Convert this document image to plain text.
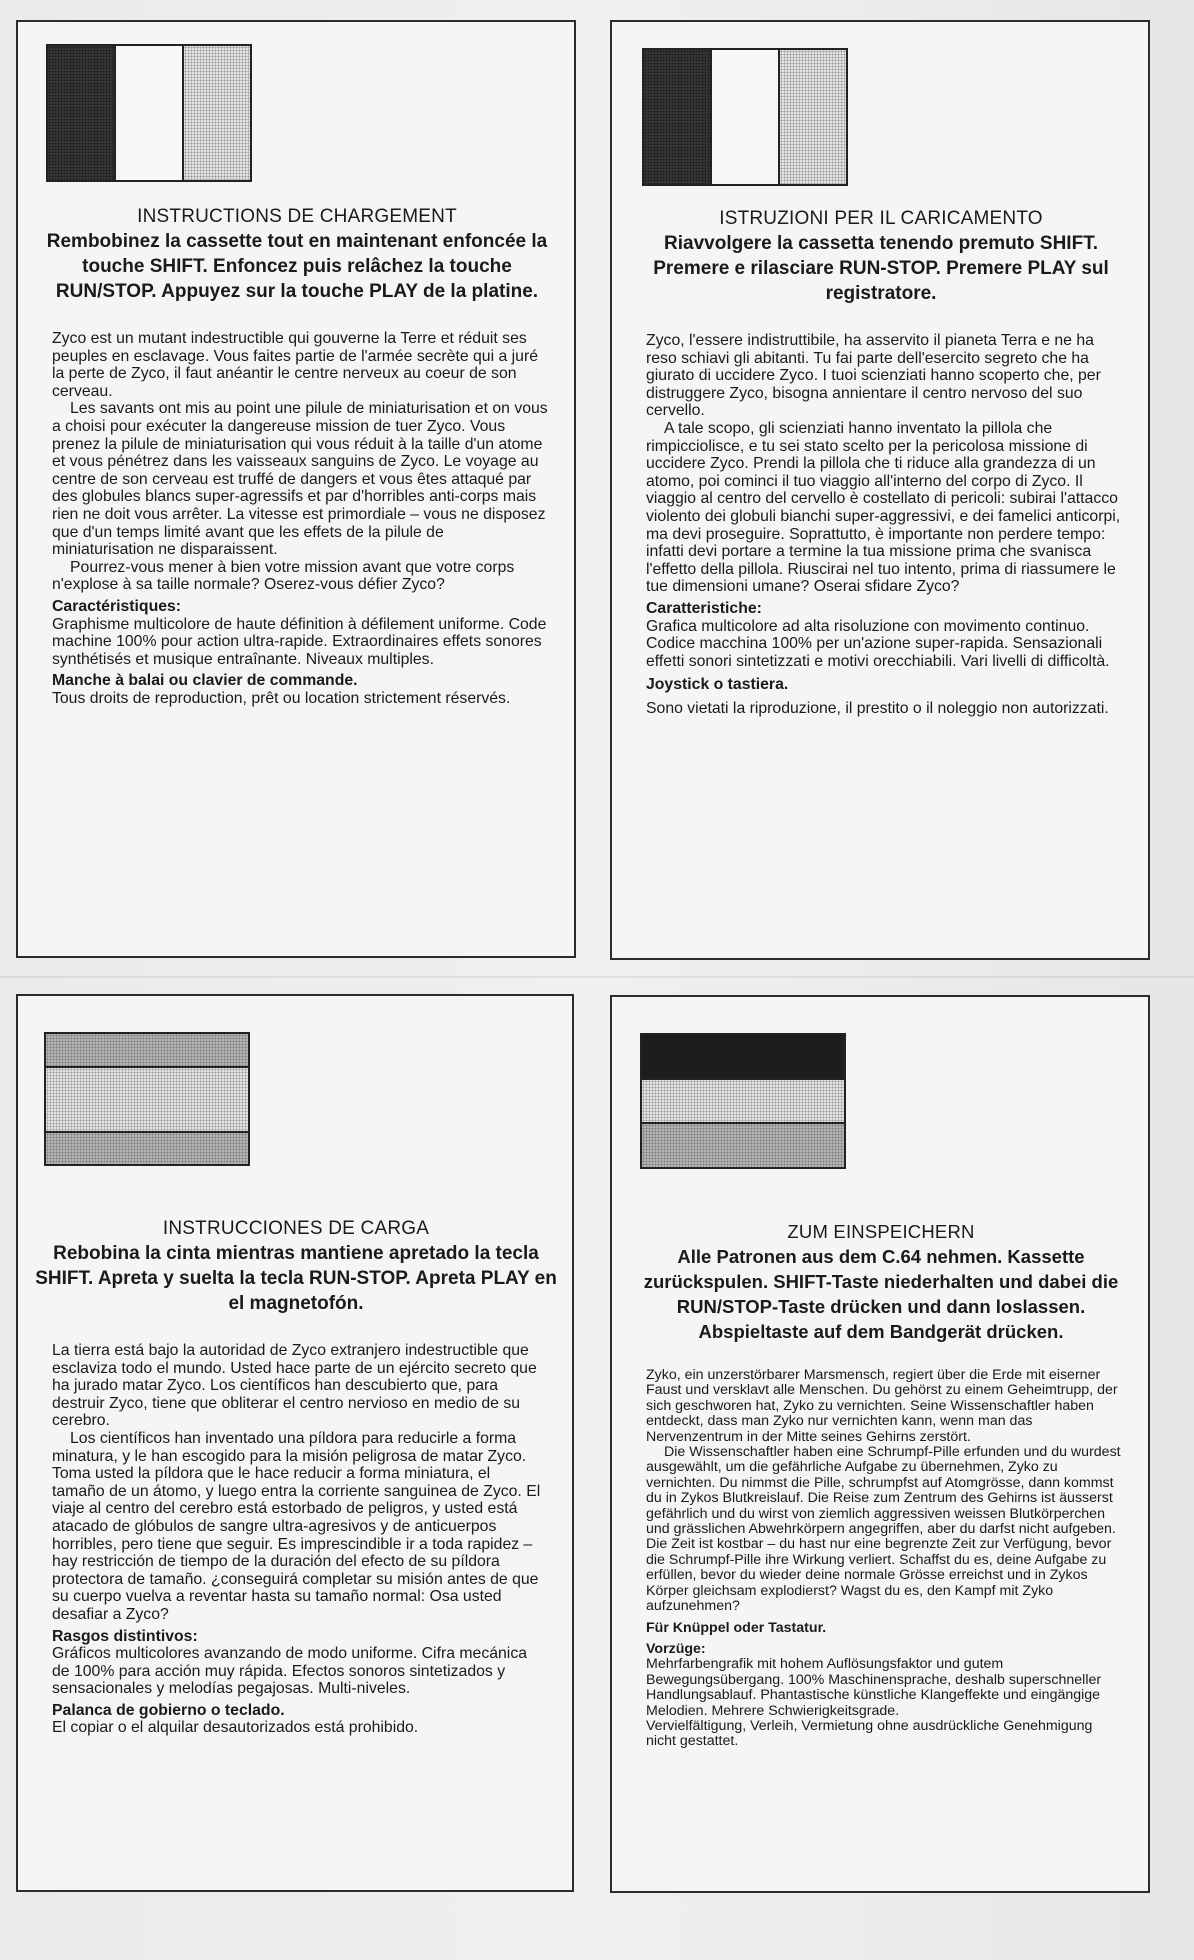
INSTRUCTIONS DE CHARGEMENT
Rembobinez la cassette tout en maintenant enfoncée la touche SHIFT. Enfoncez puis relâchez la touche RUN/STOP. Appuyez sur la touche PLAY de la platine.

Zyco est un mutant indestructible qui gouverne la Terre et réduit ses peuples en esclavage. Vous faites partie de l'armée secrète qui a juré la perte de Zyco, il faut anéantir le centre nerveux au coeur de son cerveau.

Les savants ont mis au point une pilule de miniaturisation et on vous a choisi pour exécuter la dangereuse mission de tuer Zyco. Vous prenez la pilule de miniaturisation qui vous réduit à la taille d'un atome et vous pénétrez dans les vaisseaux sanguins de Zyco. Le voyage au centre de son cerveau est truffé de dangers et vous êtes attaqué par des globules blancs super-agressifs et par d'horribles anti-corps mais rien ne doit vous arrêter. La vitesse est primordiale – vous ne disposez que d'un temps limité avant que les effets de la pilule de miniaturisation ne disparaissent.

Pourrez-vous mener à bien votre mission avant que votre corps n'explose à sa taille normale? Oserez-vous défier Zyco?

Caractéristiques:

Graphisme multicolore de haute définition à défilement uniforme. Code machine 100% pour action ultra-rapide. Extraordinaires effets sonores synthétisés et musique entraînante. Niveaux multiples.

Manche à balai ou clavier de commande.

Tous droits de reproduction, prêt ou location strictement réservés.

ISTRUZIONI PER IL CARICAMENTO
Riavvolgere la cassetta tenendo premuto SHIFT. Premere e rilasciare RUN-STOP. Premere PLAY sul registratore.

Zyco, l'essere indistruttibile, ha asservito il pianeta Terra e ne ha reso schiavi gli abitanti. Tu fai parte dell'esercito segreto che ha giurato di uccidere Zyco. I tuoi scienziati hanno scoperto che, per distruggere Zyco, bisogna annientare il centro nervoso del suo cervello.

A tale scopo, gli scienziati hanno inventato la pillola che rimpicciolisce, e tu sei stato scelto per la pericolosa missione di uccidere Zyco. Prendi la pillola che ti riduce alla grandezza di un atomo, poi cominci il tuo viaggio all'interno del corpo di Zyco. Il viaggio al centro del cervello è costellato di pericoli: subirai l'attacco violento dei globuli bianchi super-aggressivi, e dei famelici anticorpi, ma devi proseguire. Soprattutto, è importante non perdere tempo: infatti devi portare a termine la tua missione prima che svanisca l'effetto della pillola. Riuscirai nel tuo intento, prima di riassumere le tue dimensioni umane? Oserai sfidare Zyco?

Caratteristiche:

Grafica multicolore ad alta risoluzione con movimento continuo. Codice macchina 100% per un'azione super-rapida. Sensazionali effetti sonori sintetizzati e motivi orecchiabili. Vari livelli di difficoltà.

Joystick o tastiera.

Sono vietati la riproduzione, il prestito o il noleggio non autorizzati.

INSTRUCCIONES DE CARGA
Rebobina la cinta mientras mantiene apretado la tecla SHIFT. Apreta y suelta la tecla RUN-STOP. Apreta PLAY en el magnetofón.

La tierra está bajo la autoridad de Zyco extranjero indestructible que esclaviza todo el mundo. Usted hace parte de un ejército secreto que ha jurado matar Zyco. Los científicos han descubierto que, para destruir Zyco, tiene que obliterar el centro nervioso en medio de su cerebro.

Los científicos han inventado una píldora para reducirle a forma minatura, y le han escogido para la misión peligrosa de matar Zyco. Toma usted la píldora que le hace reducir a forma miniatura, el tamaño de un átomo, y luego entra la corriente sanguinea de Zyco. El viaje al centro del cerebro está estorbado de peligros, y usted está atacado de glóbulos de sangre ultra-agresivos y de anticuerpos horribles, pero tiene que seguir. Es imprescindible ir a toda rapidez – hay restricción de tiempo de la duración del efecto de su píldora protectora de tamaño. ¿conseguirá completar su misión antes de que su cuerpo vuelva a reventar hasta su tamaño normal: Osa usted desafiar a Zyco?

Rasgos distintivos:

Gráficos multicolores avanzando de modo uniforme. Cifra mecánica de 100% para acción muy rápida. Efectos sonoros sintetizados y sensacionales y melodías pegajosas. Multi-niveles.

Palanca de gobierno o teclado.

El copiar o el alquilar desautorizados está prohibido.

ZUM EINSPEICHERN
Alle Patronen aus dem C.64 nehmen. Kassette zurückspulen. SHIFT-Taste niederhalten und dabei die RUN/STOP-Taste drücken und dann loslassen. Abspieltaste auf dem Bandgerät drücken.

Zyko, ein unzerstörbarer Marsmensch, regiert über die Erde mit eiserner Faust und versklavt alle Menschen. Du gehörst zu einem Geheimtrupp, der sich geschworen hat, Zyko zu vernichten. Seine Wissenschaftler haben entdeckt, dass man Zyko nur vernichten kann, wenn man das Nervenzentrum in der Mitte seines Gehirns zerstört.

Die Wissenschaftler haben eine Schrumpf-Pille erfunden und du wurdest ausgewählt, um die gefährliche Aufgabe zu übernehmen, Zyko zu vernichten. Du nimmst die Pille, schrumpfst auf Atomgrösse, dann kommst du in Zykos Blutkreislauf. Die Reise zum Zentrum des Gehirns ist äusserst gefährlich und du wirst von ziemlich aggressiven weissen Blutkörperchen und grässlichen Abwehrkörpern angegriffen, aber du darfst nicht aufgeben. Die Zeit ist kostbar – du hast nur eine begrenzte Zeit zur Verfügung, bevor die Schrumpf-Pille ihre Wirkung verliert. Schaffst du es, deine Aufgabe zu erfüllen, bevor du wieder deine normale Grösse erreichst und in Zykos Körper gleichsam explodierst? Wagst du es, den Kampf mit Zyko aufzunehmen?

Für Knüppel oder Tastatur.

Vorzüge:

Mehrfarbengrafik mit hohem Auflösungsfaktor und gutem Bewegungsübergang. 100% Maschinensprache, deshalb superschneller Handlungsablauf. Phantastische künstliche Klangeffekte und eingängige Melodien. Mehrere Schwierigkeitsgrade.

Vervielfältigung, Verleih, Vermietung ohne ausdrückliche Genehmigung nicht gestattet.
